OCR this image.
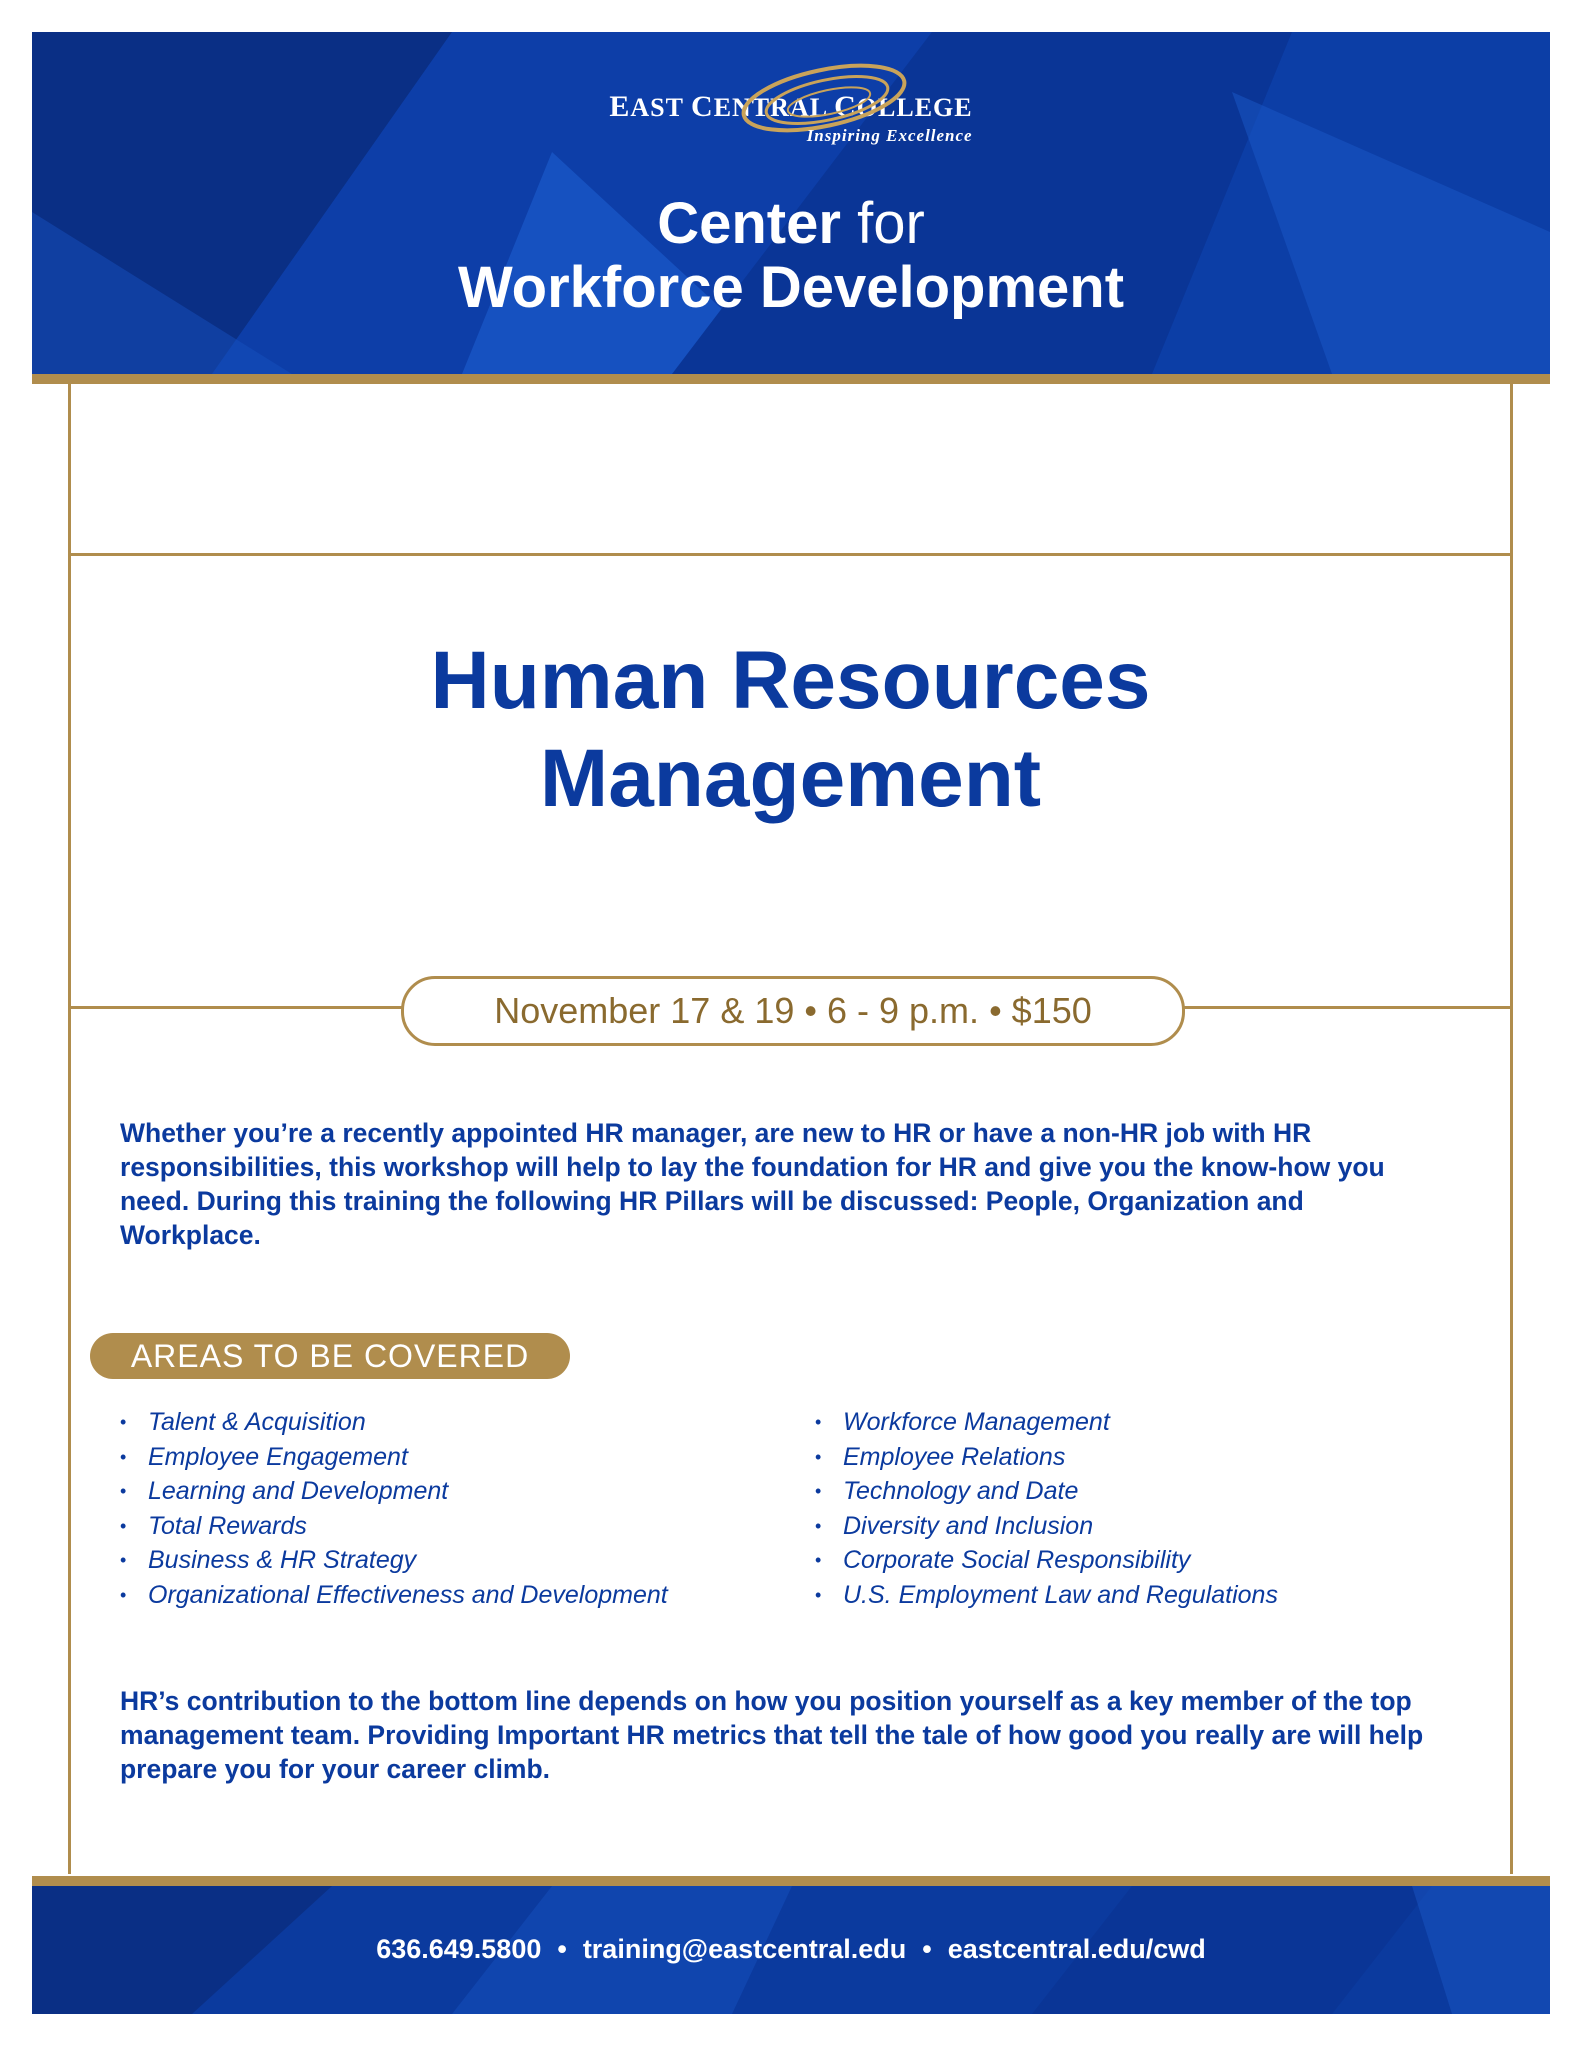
EAST CENTRAL COLLEGE
Inspiring Excellence
Center for
Workforce Development
Human Resources
Management
November 17 & 19 • 6 - 9 p.m. • $150
Whether you’re a recently appointed HR manager, are new to HR or have a non-HR job with HR responsibilities, this workshop will help to lay the foundation for HR and give you the know-how you need. During this training the following HR Pillars will be discussed: People, Organization and Workplace.
AREAS TO BE COVERED
• Talent & Acquisition
• Employee Engagement
• Learning and Development
• Total Rewards
• Business & HR Strategy
• Organizational Effectiveness and Development
• Workforce Management
• Employee Relations
• Technology and Date
• Diversity and Inclusion
• Corporate Social Responsibility
• U.S. Employment Law and Regulations
HR’s contribution to the bottom line depends on how you position yourself as a key member of the top management team. Providing Important HR metrics that tell the tale of how good you really are will help prepare you for your career climb.
636.649.5800 • training@eastcentral.edu • eastcentral.edu/cwd
